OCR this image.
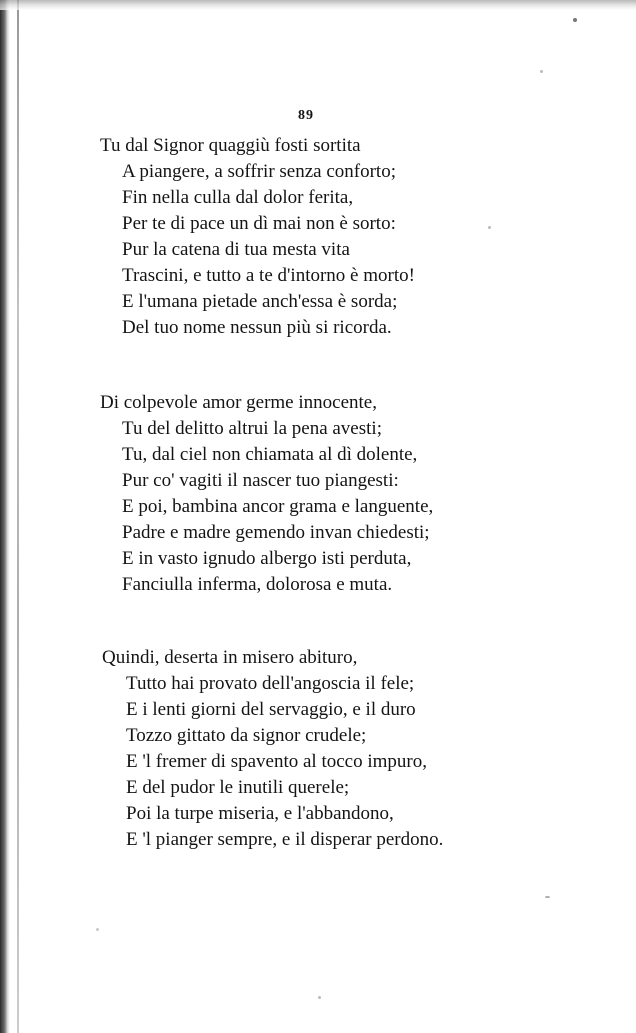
89
Tu dal Signor quaggiù fosti sortita
A piangere, a soffrir senza conforto;
Fin nella culla dal dolor ferita,
Per te di pace un dì mai non è sorto:
Pur la catena di tua mesta vita
Trascini, e tutto a te d'intorno è morto!
E l'umana pietade anch'essa è sorda;
Del tuo nome nessun più si ricorda.
Di colpevole amor germe innocente,
Tu del delitto altrui la pena avesti;
Tu, dal ciel non chiamata al dì dolente,
Pur co' vagiti il nascer tuo piangesti:
E poi, bambina ancor grama e languente,
Padre e madre gemendo invan chiedesti;
E in vasto ignudo albergo isti perduta,
Fanciulla inferma, dolorosa e muta.
Quindi, deserta in misero abituro,
Tutto hai provato dell'angoscia il fele;
E i lenti giorni del servaggio, e il duro
Tozzo gittato da signor crudele;
E 'l fremer di spavento al tocco impuro,
E del pudor le inutili querele;
Poi la turpe miseria, e l'abbandono,
E 'l pianger sempre, e il disperar perdono.
